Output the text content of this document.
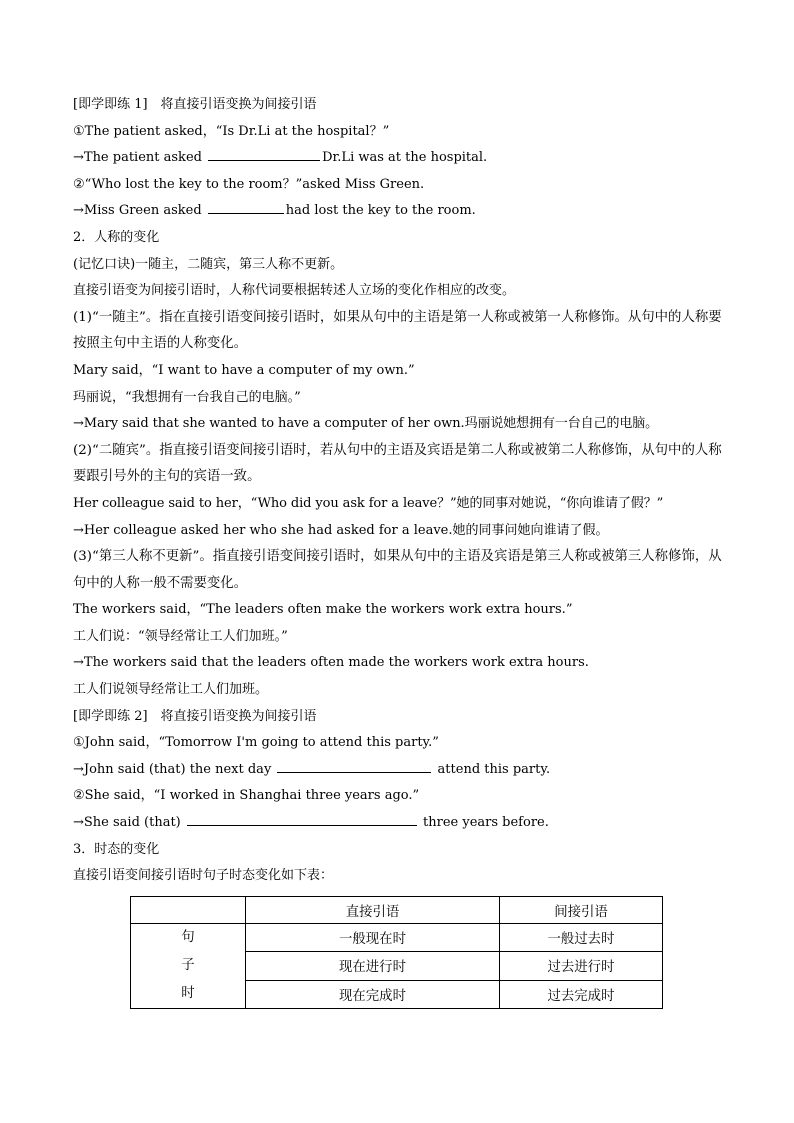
[即学即练 1]　将直接引语变换为间接引语
①The patient asked，“Is Dr.Li at the hospital？”
→The patient asked	Dr.Li was at the hospital.
②“Who lost the key to the room？”asked Miss Green.
→Miss Green asked	had lost the key to the room.
2．人称的变化
(记忆口诀)一随主，二随宾，第三人称不更新。
直接引语变为间接引语时，人称代词要根据转述人立场的变化作相应的改变。
(1)“一随主”。指在直接引语变间接引语时，如果从句中的主语是第一人称或被第一人称修饰。从句中的人称要按照主句中主语的人称变化。
Mary said，“I want to have a computer of my own.”
玛丽说，“我想拥有一台我自己的电脑。”
→Mary said that she wanted to have a computer of her own.玛丽说她想拥有一台自己的电脑。
(2)“二随宾”。指直接引语变间接引语时，若从句中的主语及宾语是第二人称或被第二人称修饰，从句中的人称要跟引号外的主句的宾语一致。
Her colleague said to her，“Who did you ask for a leave？”她的同事对她说，“你向谁请了假？”
→Her colleague asked her who she had asked for a leave.她的同事问她向谁请了假。
(3)“第三人称不更新”。指直接引语变间接引语时，如果从句中的主语及宾语是第三人称或被第三人称修饰，从句中的人称一般不需要变化。
The workers said，“The leaders often make the workers work extra hours.”
工人们说：“领导经常让工人们加班。”
→The workers said that the leaders often made the workers work extra hours.
工人们说领导经常让工人们加班。
[即学即练 2]　将直接引语变换为间接引语
①John said，“Tomorrow I'm going to attend this party.”
→John said (that) the next day	attend this party.
②She said，“I worked in Shanghai three years ago.”
→She said (that)	three years before.
3．时态的变化
直接引语变间接引语时句子时态变化如下表：
	直接引语	间接引语

句
子
时	一般现在时	一般过去时
	现在进行时	过去进行时
	现在完成时	过去完成时
